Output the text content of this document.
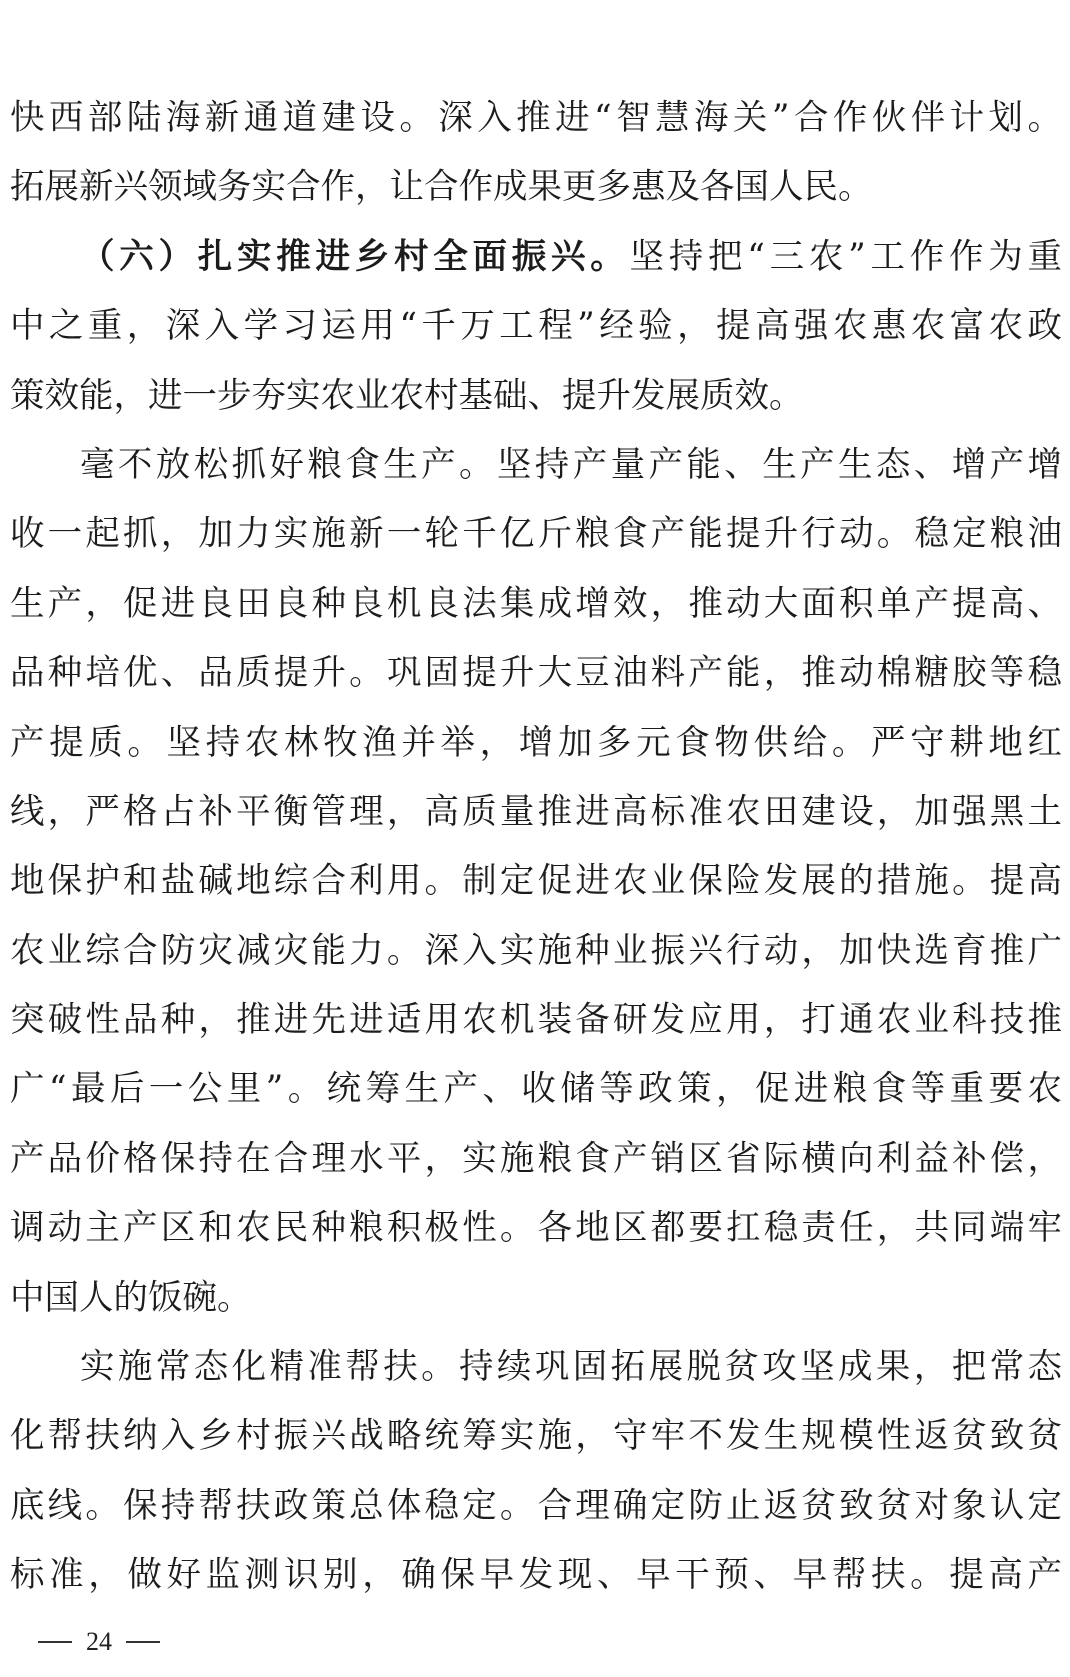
快西部陆海新通道建设。深入推进“智慧海关”合作伙伴计划。
拓展新兴领域务实合作，让合作成果更多惠及各国人民。
（六）扎实推进乡村全面振兴。坚持把“三农”工作作为重
中之重，深入学习运用“千万工程”经验，提高强农惠农富农政
策效能，进一步夯实农业农村基础、提升发展质效。
毫不放松抓好粮食生产。坚持产量产能、生产生态、增产增
收一起抓，加力实施新一轮千亿斤粮食产能提升行动。稳定粮油
生产，促进良田良种良机良法集成增效，推动大面积单产提高、
品种培优、品质提升。巩固提升大豆油料产能，推动棉糖胶等稳
产提质。坚持农林牧渔并举，增加多元食物供给。严守耕地红
线，严格占补平衡管理，高质量推进高标准农田建设，加强黑土
地保护和盐碱地综合利用。制定促进农业保险发展的措施。提高
农业综合防灾减灾能力。深入实施种业振兴行动，加快选育推广
突破性品种，推进先进适用农机装备研发应用，打通农业科技推
广“最后一公里”。统筹生产、收储等政策，促进粮食等重要农
产品价格保持在合理水平，实施粮食产销区省际横向利益补偿，
调动主产区和农民种粮积极性。各地区都要扛稳责任，共同端牢
中国人的饭碗。
实施常态化精准帮扶。持续巩固拓展脱贫攻坚成果，把常态
化帮扶纳入乡村振兴战略统筹实施，守牢不发生规模性返贫致贫
底线。保持帮扶政策总体稳定。合理确定防止返贫致贫对象认定
标准，做好监测识别，确保早发现、早干预、早帮扶。提高产
24
